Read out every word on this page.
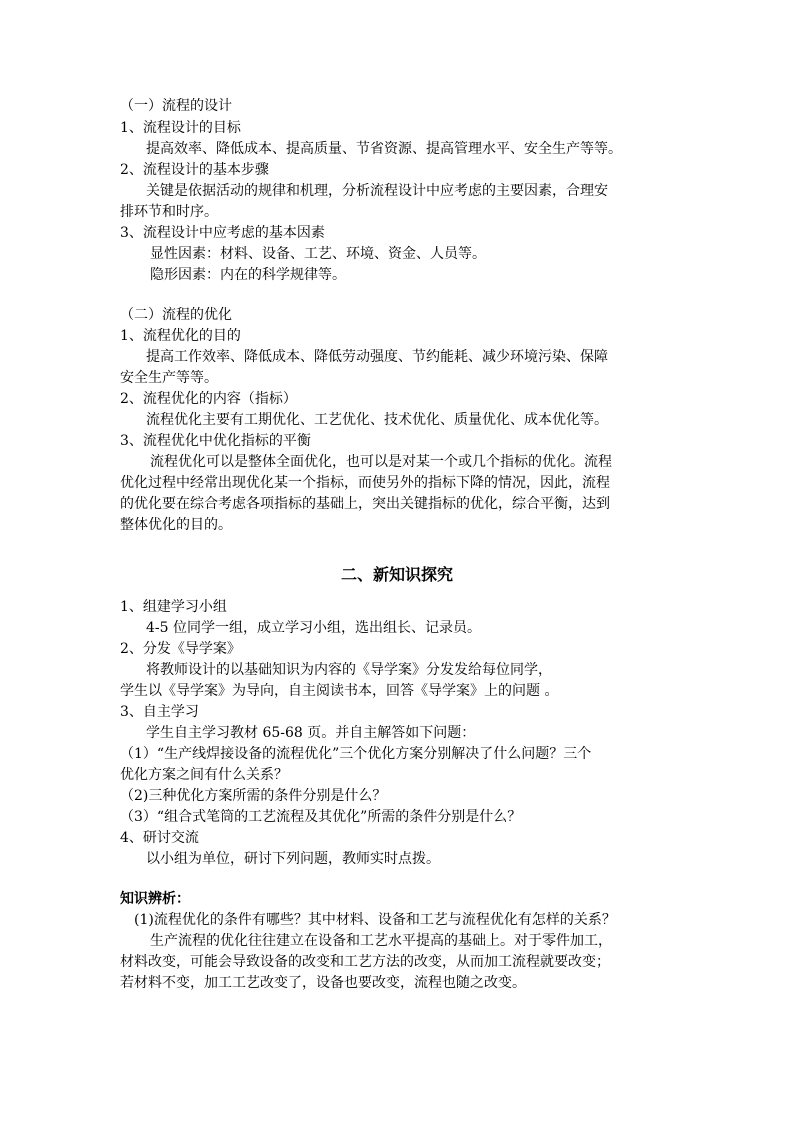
（一）流程的设计
1、流程设计的目标
提高效率、降低成本、提高质量、节省资源、提高管理水平、安全生产等等。
2、流程设计的基本步骤
关键是依据活动的规律和机理，分析流程设计中应考虑的主要因素，合理安
排环节和时序。
3、流程设计中应考虑的基本因素
显性因素：材料、设备、工艺、环境、资金、人员等。
隐形因素：内在的科学规律等。
（二）流程的优化
1、流程优化的目的
提高工作效率、降低成本、降低劳动强度、节约能耗、减少环境污染、保障
安全生产等等。
2、流程优化的内容（指标）
流程优化主要有工期优化、工艺优化、技术优化、质量优化、成本优化等。
3、流程优化中优化指标的平衡
流程优化可以是整体全面优化，也可以是对某一个或几个指标的优化。流程
优化过程中经常出现优化某一个指标，而使另外的指标下降的情况，因此，流程
的优化要在综合考虑各项指标的基础上，突出关键指标的优化，综合平衡，达到
整体优化的目的。
二、新知识探究
1、组建学习小组
4-5 位同学一组，成立学习小组，选出组长、记录员。
2、分发《导学案》
将教师设计的以基础知识为内容的《导学案》分发发给每位同学，
学生以《导学案》为导向，自主阅读书本，回答《导学案》上的问题 。
3、自主学习
学生自主学习教材 65-68 页。并自主解答如下问题：
（1）“生产线焊接设备的流程优化”三个优化方案分别解决了什么问题？三个
优化方案之间有什么关系？
（2)三种优化方案所需的条件分别是什么？
（3）“组合式笔筒的工艺流程及其优化”所需的条件分别是什么？
4、研讨交流
以小组为单位，研讨下列问题，教师实时点拨。
知识辨析：
(1)流程优化的条件有哪些？其中材料、设备和工艺与流程优化有怎样的关系？
生产流程的优化往往建立在设备和工艺水平提高的基础上。对于零件加工，
材料改变，可能会导致设备的改变和工艺方法的改变，从而加工流程就要改变；
若材料不变，加工工艺改变了，设备也要改变，流程也随之改变。
